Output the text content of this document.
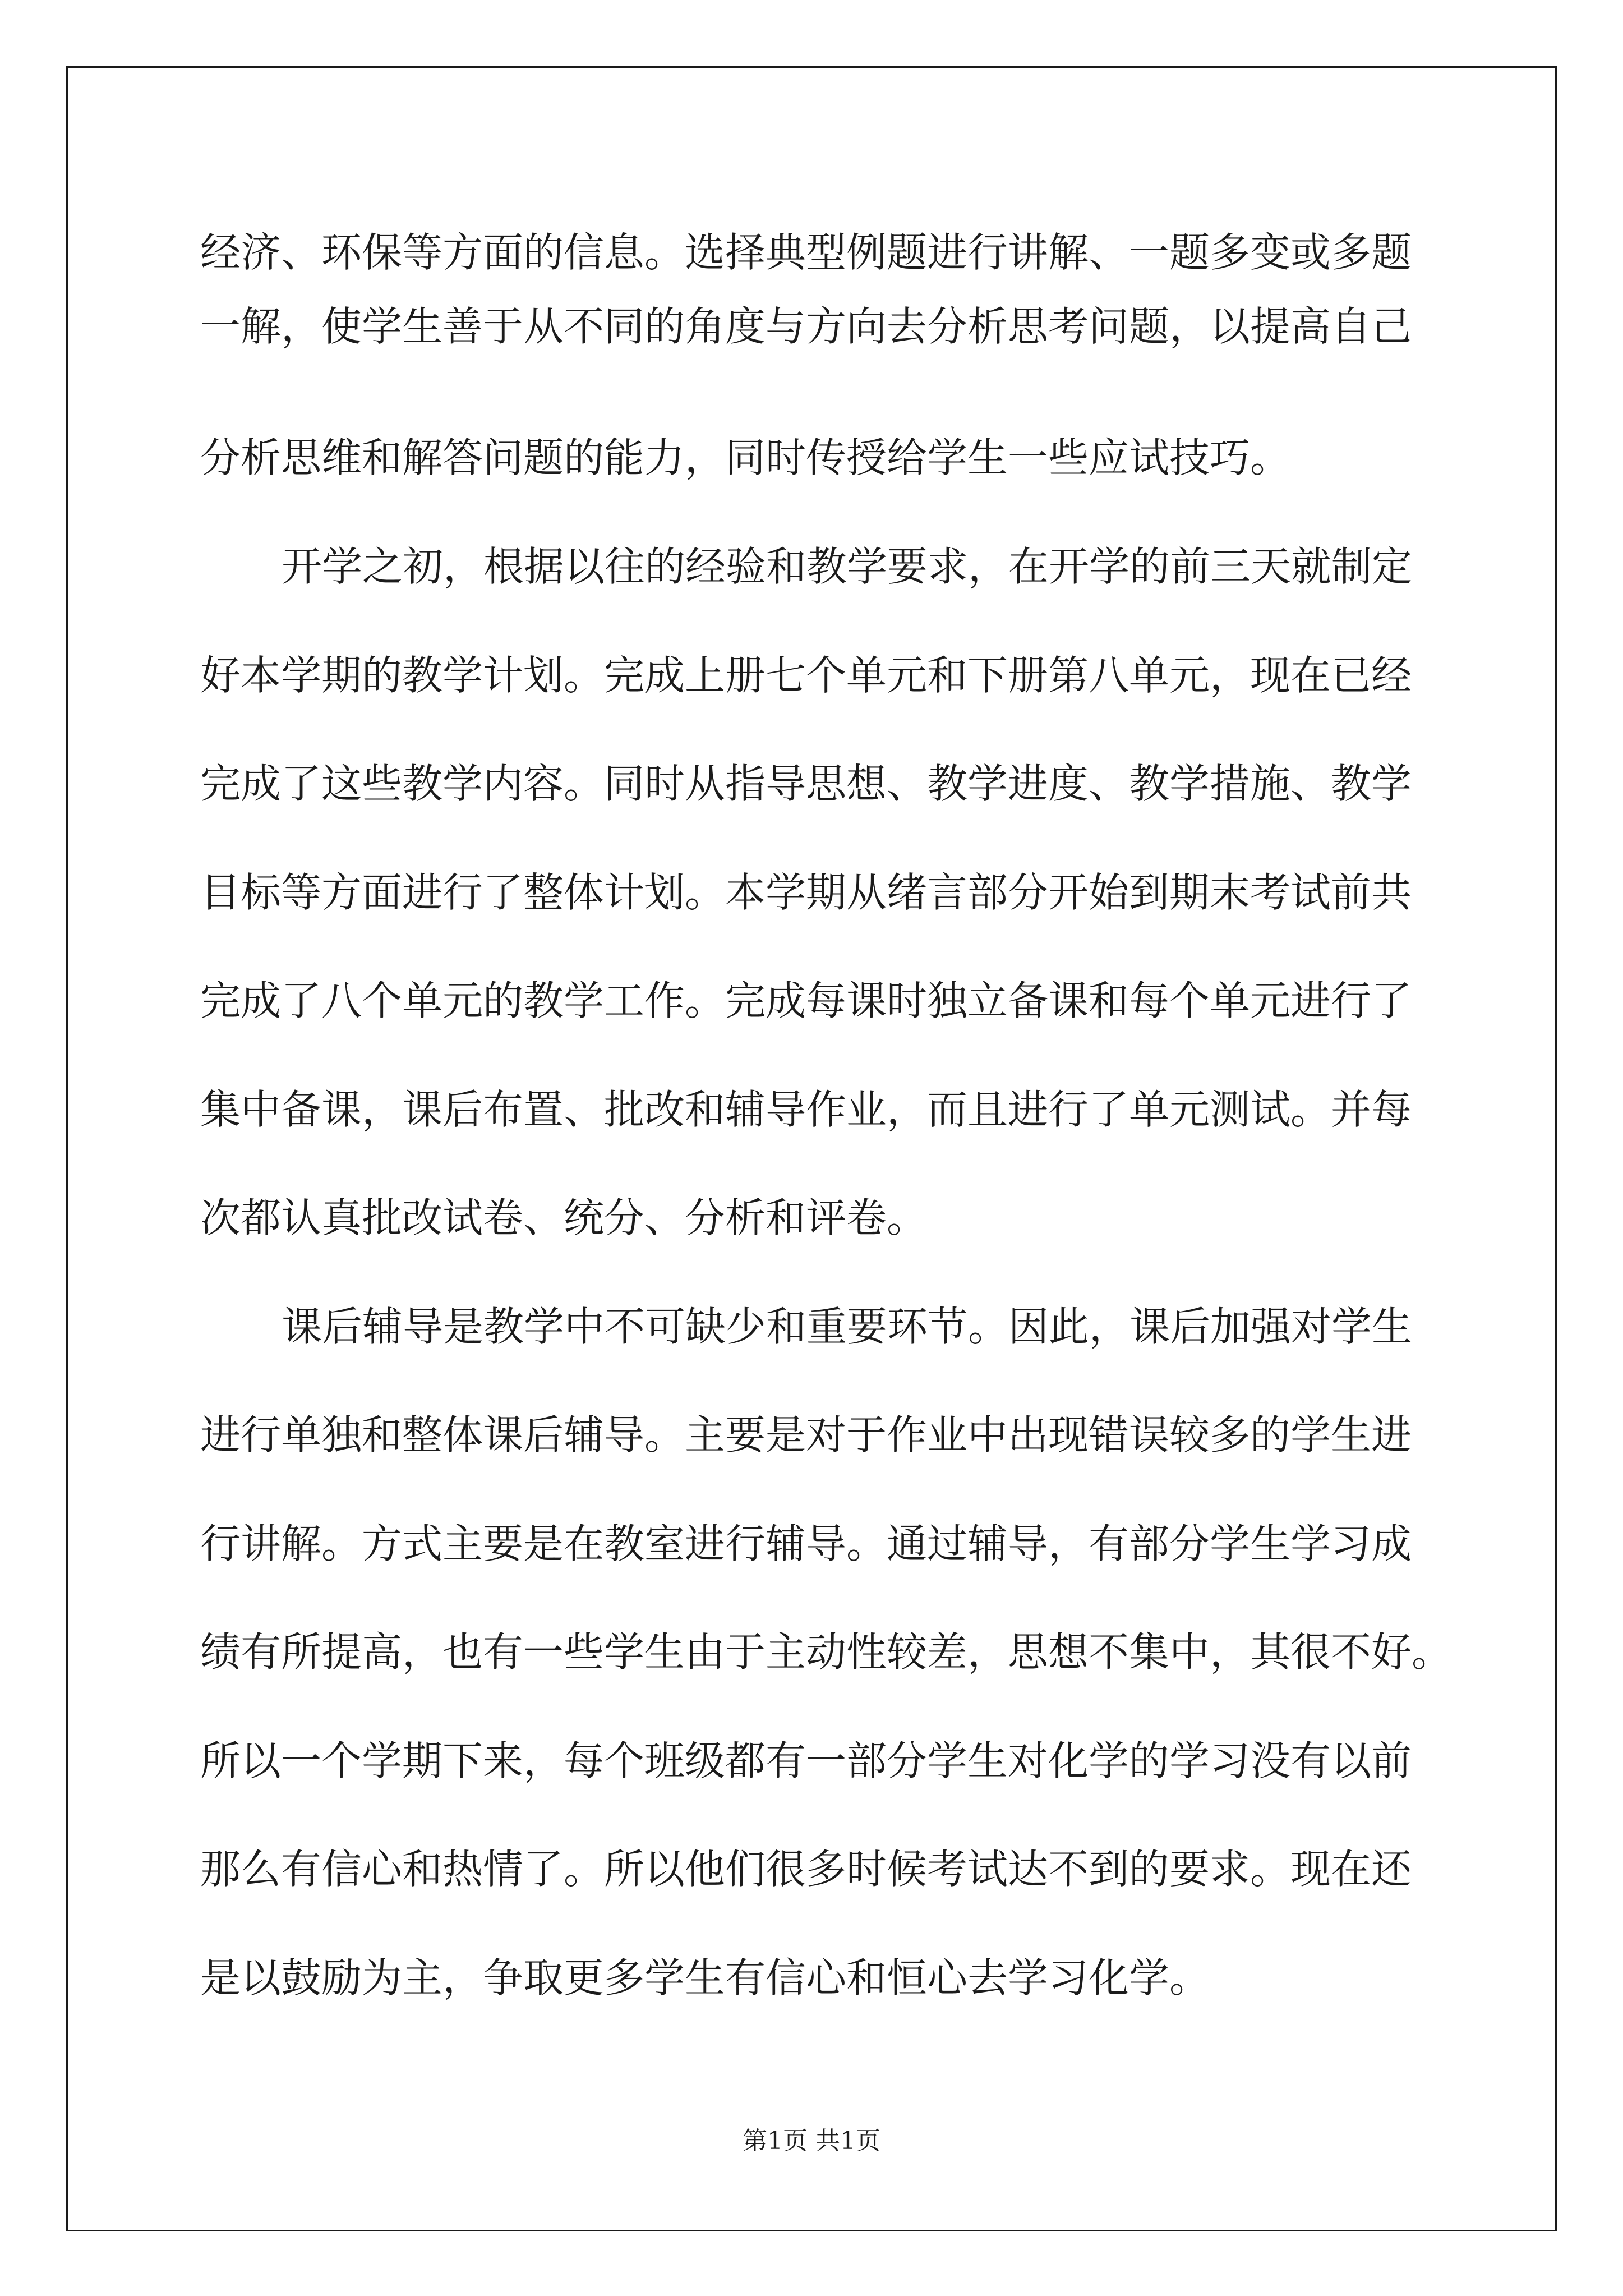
经济、环保等方面的信息。选择典型例题进行讲解、一题多变或多题

一解，使学生善于从不同的角度与方向去分析思考问题，以提高自己

分析思维和解答问题的能力，同时传授给学生一些应试技巧。

开学之初，根据以往的经验和教学要求，在开学的前三天就制定

好本学期的教学计划。完成上册七个单元和下册第八单元，现在已经

完成了这些教学内容。同时从指导思想、教学进度、教学措施、教学

目标等方面进行了整体计划。本学期从绪言部分开始到期末考试前共

完成了八个单元的教学工作。完成每课时独立备课和每个单元进行了

集中备课，课后布置、批改和辅导作业，而且进行了单元测试。并每

次都认真批改试卷、统分、分析和评卷。

课后辅导是教学中不可缺少和重要环节。因此，课后加强对学生

进行单独和整体课后辅导。主要是对于作业中出现错误较多的学生进

行讲解。方式主要是在教室进行辅导。通过辅导，有部分学生学习成

绩有所提高，也有一些学生由于主动性较差，思想不集中，其很不好。

所以一个学期下来，每个班级都有一部分学生对化学的学习没有以前

那么有信心和热情了。所以他们很多时候考试达不到的要求。现在还

是以鼓励为主，争取更多学生有信心和恒心去学习化学。

第1页 共1页
